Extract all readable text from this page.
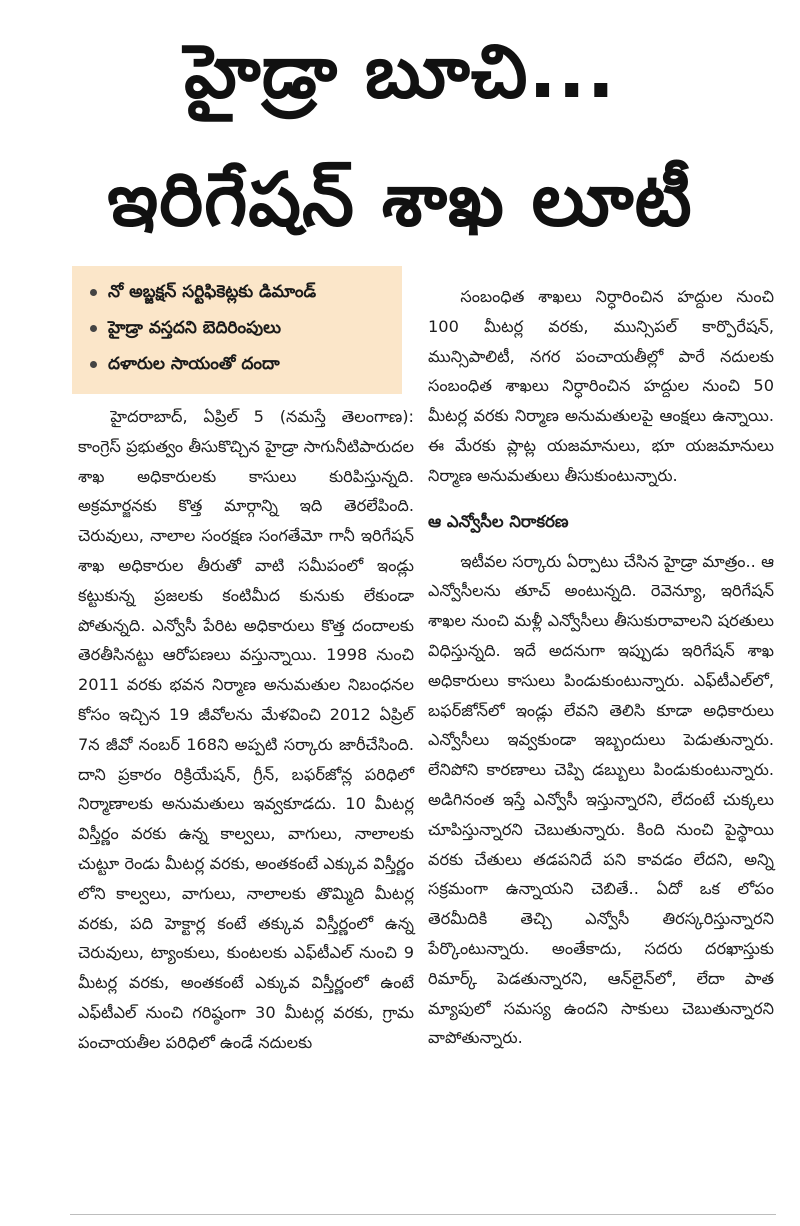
హైడ్రా బూచి...
ఇరిగేషన్ శాఖ లూటీ
నో అబ్జక్షన్ సర్టిఫికెట్లకు డిమాండ్
హైడ్రా వస్తదని బెదిరింపులు
దళారుల సాయంతో దందా

హైదరాబాద్, ఏప్రిల్ 5 (నమస్తే తెలంగాణ): కాంగ్రెస్ ప్రభుత్వం తీసుకొచ్చిన హైడ్రా సాగునీటిపారుదల శాఖ అధికారులకు కాసులు కురిపిస్తున్నది. అక్రమార్జనకు కొత్త మార్గాన్ని ఇది తెరలేపింది. చెరువులు, నాలాల సంరక్షణ సంగతేమో గానీ ఇరిగేషన్ శాఖ అధికారుల తీరుతో వాటి సమీపంలో ఇండ్లు కట్టుకున్న ప్రజలకు కంటిమీద కునుకు లేకుండా పోతున్నది. ఎన్వోసీ పేరిట అధికారులు కొత్త దందాలకు తెరతీసినట్టు ఆరోపణలు వస్తున్నాయి. 1998 నుంచి 2011 వరకు భవన నిర్మాణ అనుమతుల నిబంధనల కోసం ఇచ్చిన 19 జీవోలను మేళవించి 2012 ఏప్రిల్ 7న జీవో నంబర్ 168ని అప్పటి సర్కారు జారీచేసింది. దాని ప్రకారం రిక్రియేషన్, గ్రీన్, బఫర్‌జోన్ల పరిధిలో నిర్మాణాలకు అనుమతులు ఇవ్వకూడదు. 10 మీటర్ల విస్తీర్ణం వరకు ఉన్న కాల్వలు, వాగులు, నాలాలకు చుట్టూ రెండు మీటర్ల వరకు, అంతకంటే ఎక్కువ విస్తీర్ణం లోని కాల్వలు, వాగులు, నాలాలకు తొమ్మిది మీటర్ల వరకు, పది హెక్టార్ల కంటే తక్కువ విస్తీర్ణంలో ఉన్న చెరువులు, ట్యాంకులు, కుంటలకు ఎఫ్‌టీఎల్ నుంచి 9 మీటర్ల వరకు, అంతకంటే ఎక్కువ విస్తీర్ణంలో ఉంటే ఎఫ్‌టీఎల్ నుంచి గరిష్ఠంగా 30 మీటర్ల వరకు, గ్రామ పంచాయతీల పరిధిలో ఉండే నదులకు

సంబంధిత శాఖలు నిర్ధారించిన హద్దుల నుంచి 100 మీటర్ల వరకు, మున్సిపల్ కార్పొరేషన్, మున్సిపాలిటీ, నగర పంచాయతీల్లో పారే నదులకు సంబంధిత శాఖలు నిర్ధారించిన హద్దుల నుంచి 50 మీటర్ల వరకు నిర్మాణ అనుమతులపై ఆంక్షలు ఉన్నాయి. ఈ మేరకు ప్లాట్ల యజమానులు, భూ యజమానులు నిర్మాణ అనుమతులు తీసుకుంటున్నారు.

ఆ ఎన్వోసీల నిరాకరణ

ఇటీవల సర్కారు ఏర్పాటు చేసిన హైడ్రా మాత్రం.. ఆ ఎన్వోసీలను తూచ్ అంటున్నది. రెవెన్యూ, ఇరిగేషన్ శాఖల నుంచి మళ్లీ ఎన్వోసీలు తీసుకురావాలని షరతులు విధిస్తున్నది. ఇదే అదనుగా ఇప్పుడు ఇరిగేషన్ శాఖ అధికారులు కాసులు పిండుకుంటున్నారు. ఎఫ్‌టీఎల్‌లో, బఫర్‌జోన్‌లో ఇండ్లు లేవని తెలిసి కూడా అధికారులు ఎన్వోసీలు ఇవ్వకుండా ఇబ్బందులు పెడుతున్నారు. లేనిపోని కారణాలు చెప్పి డబ్బులు పిండుకుంటున్నారు. అడిగినంత ఇస్తే ఎన్వోసీ ఇస్తున్నారని, లేదంటే చుక్కలు చూపిస్తున్నారని చెబుతున్నారు. కింది నుంచి పైస్థాయి వరకు చేతులు తడపనిదే పని కావడం లేదని, అన్ని సక్రమంగా ఉన్నాయని చెబితే.. ఏదో ఒక లోపం తెరమీదికి తెచ్చి ఎన్వోసీ తిరస్కరిస్తున్నారని పేర్కొంటున్నారు. అంతేకాదు, సదరు దరఖాస్తుకు రిమార్క్ పెడతున్నారని, ఆన్‌లైన్‌లో, లేదా పాత మ్యాపులో సమస్య ఉందని సాకులు చెబుతున్నారని వాపోతున్నారు.
